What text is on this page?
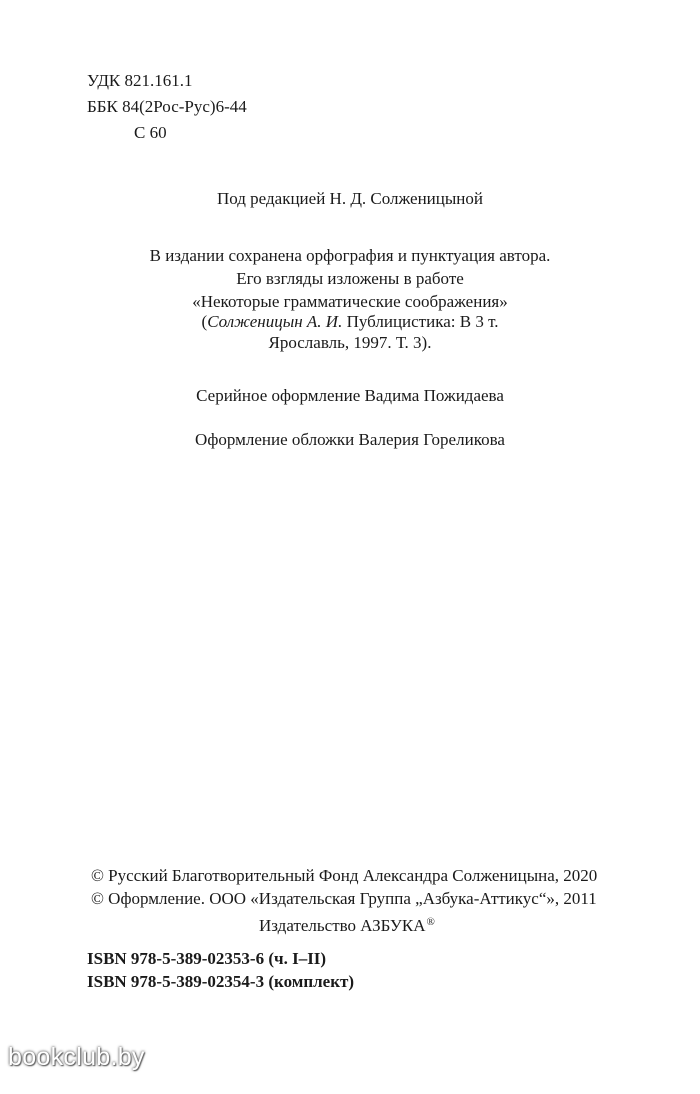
УДК 821.161.1
ББК 84(2Рос-Рус)6-44
С 60
Под редакцией Н. Д. Солженицыной
В издании сохранена орфография и пунктуация автора.
Его взгляды изложены в работе
«Некоторые грамматические соображения»
(Солженицын А. И. Публицистика: В 3 т.
Ярославль, 1997. Т. 3).
Серийное оформление Вадима Пожидаева
Оформление обложки Валерия Гореликова
© Русский Благотворительный Фонд Александра Солженицына, 2020
© Оформление. ООО «Издательская Группа „Азбука-Аттикус“», 2011
Издательство АЗБУКА®
ISBN 978-5-389-02353-6 (ч. I–II)
ISBN 978-5-389-02354-3 (комплект)
bookclub.by
